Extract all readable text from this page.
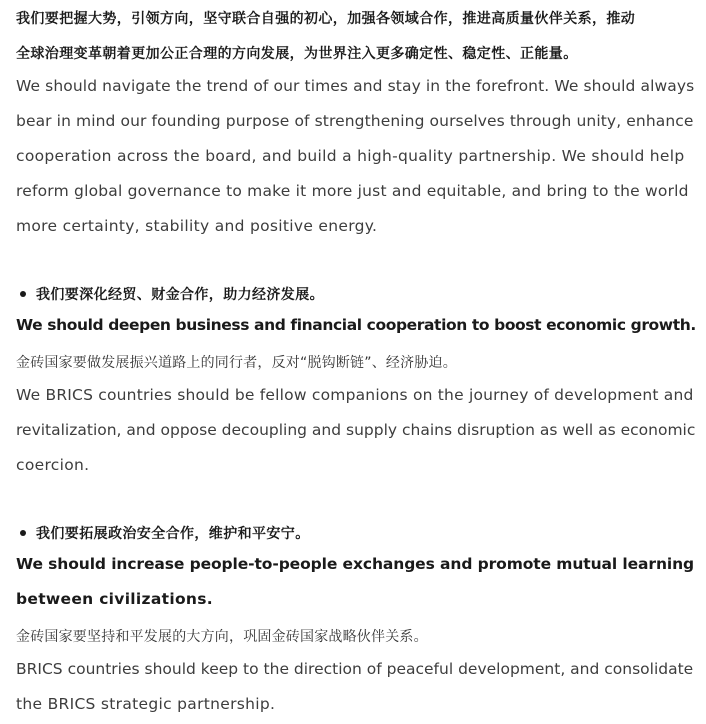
我们要把握大势，引领方向，坚守联合自强的初心，加强各领域合作，推进高质量伙伴关系，推动
全球治理变革朝着更加公正合理的方向发展，为世界注入更多确定性、稳定性、正能量。
We should navigate the trend of our times and stay in the forefront. We should always
bear in mind our founding purpose of strengthening ourselves through unity, enhance
cooperation across the board, and build a high-quality partnership. We should help
reform global governance to make it more just and equitable, and bring to the world
more certainty, stability and positive energy.
我们要深化经贸、财金合作，助力经济发展。
We should deepen business and financial cooperation to boost economic growth.
金砖国家要做发展振兴道路上的同行者，反对“脱钩断链”、经济胁迫。
We BRICS countries should be fellow companions on the journey of development and
revitalization, and oppose decoupling and supply chains disruption as well as economic
coercion.
我们要拓展政治安全合作，维护和平安宁。
We should increase people-to-people exchanges and promote mutual learning
between civilizations.
金砖国家要坚持和平发展的大方向，巩固金砖国家战略伙伴关系。
BRICS countries should keep to the direction of peaceful development, and consolidate
the BRICS strategic partnership.
